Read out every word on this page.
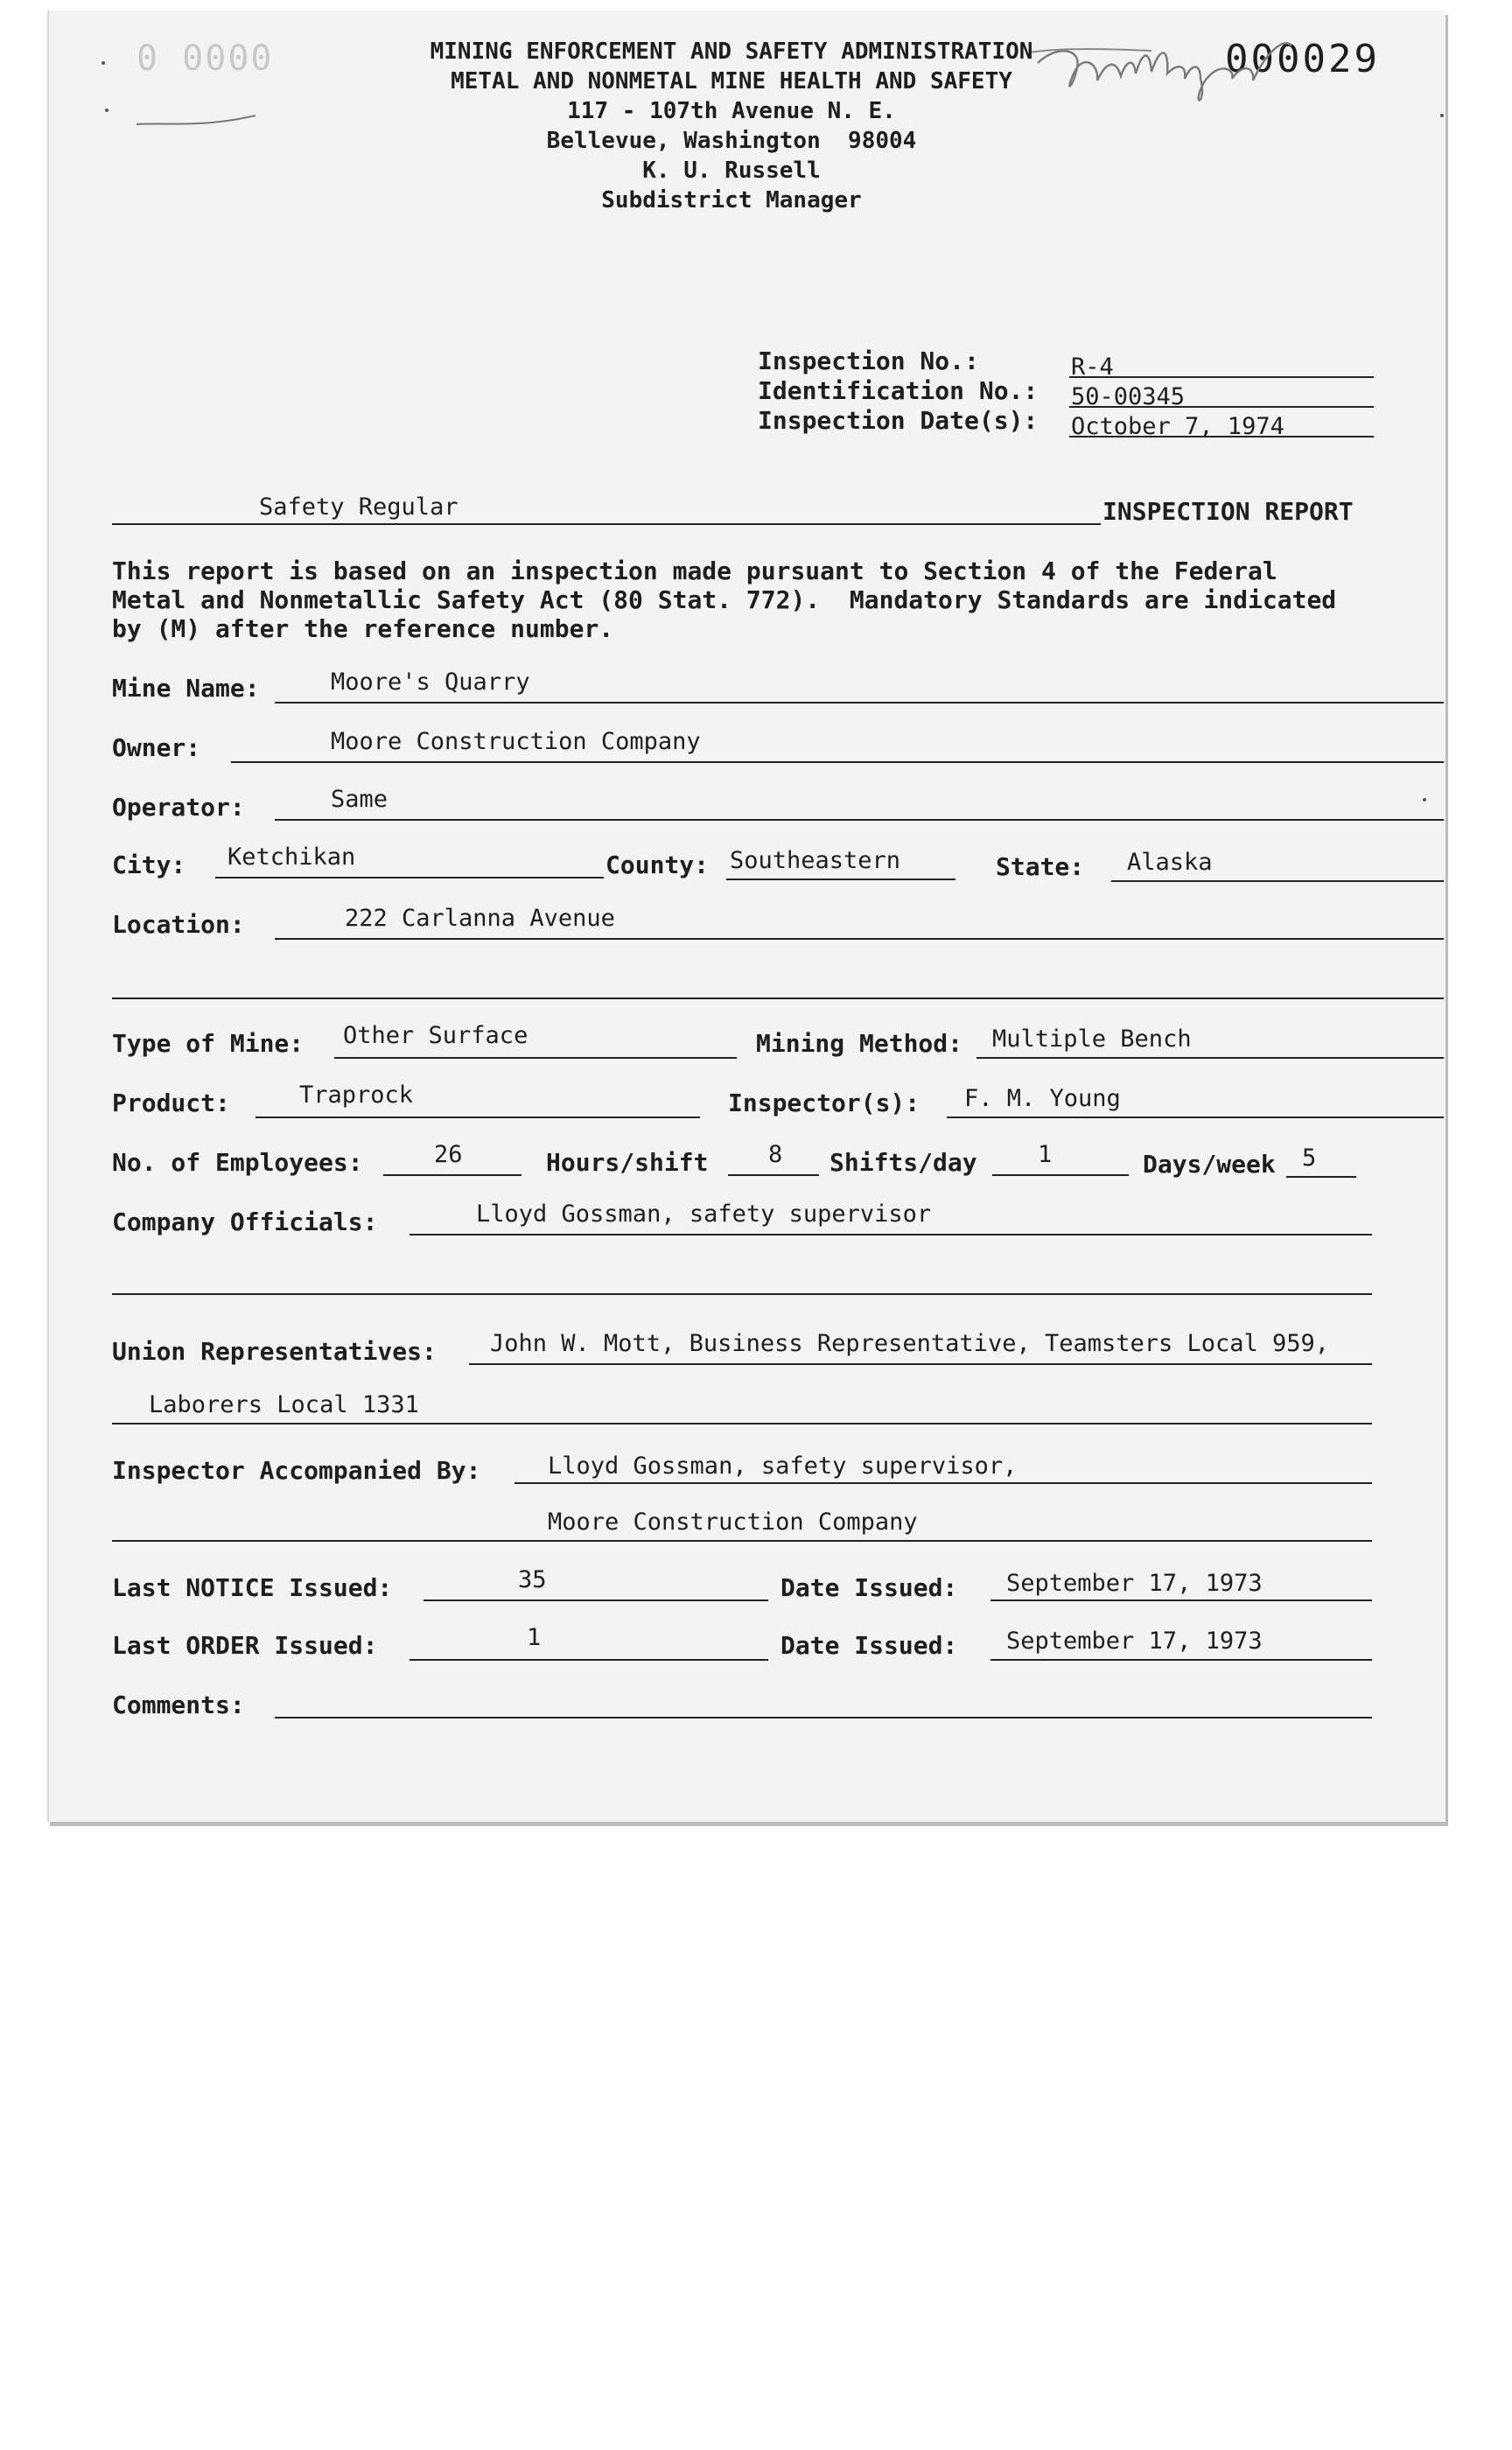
0 0000	000029
MINING ENFORCEMENT AND SAFETY ADMINISTRATION
METAL AND NONMETAL MINE HEALTH AND SAFETY
117 - 107th Avenue N. E.
Bellevue, Washington  98004
K. U. Russell
Subdistrict Manager
Inspection No.:	R-4
Identification No.: 50-00345
Inspection Date(s): October 7, 1974
Safety Regular	INSPECTION REPORT
This report is based on an inspection made pursuant to Section 4 of the Federal
Metal and Nonmetallic Safety Act (80 Stat. 772).  Mandatory Standards are indicated
by (M) after the reference number.
Mine Name:	Moore's Quarry
Owner:	Moore Construction Company
Operator:	Same
City: Ketchikan	County: Southeastern	State: Alaska
Location:	222 Carlanna Avenue
Type of Mine: Other Surface	Mining Method: Multiple Bench
Product:	Traprock	Inspector(s): F. M. Young
No. of Employees:	26	Hours/shift	8 Shifts/day	1	Days/week 5
Company Officials:	Lloyd Gossman, safety supervisor
Union Representatives: John W. Mott, Business Representative, Teamsters Local 959,
Laborers Local 1331
Inspector Accompanied By:	Lloyd Gossman, safety supervisor,
Moore Construction Company
Last NOTICE Issued:	35	Date Issued: September 17, 1973
Last ORDER Issued:	1	Date Issued: September 17, 1973
Comments:
